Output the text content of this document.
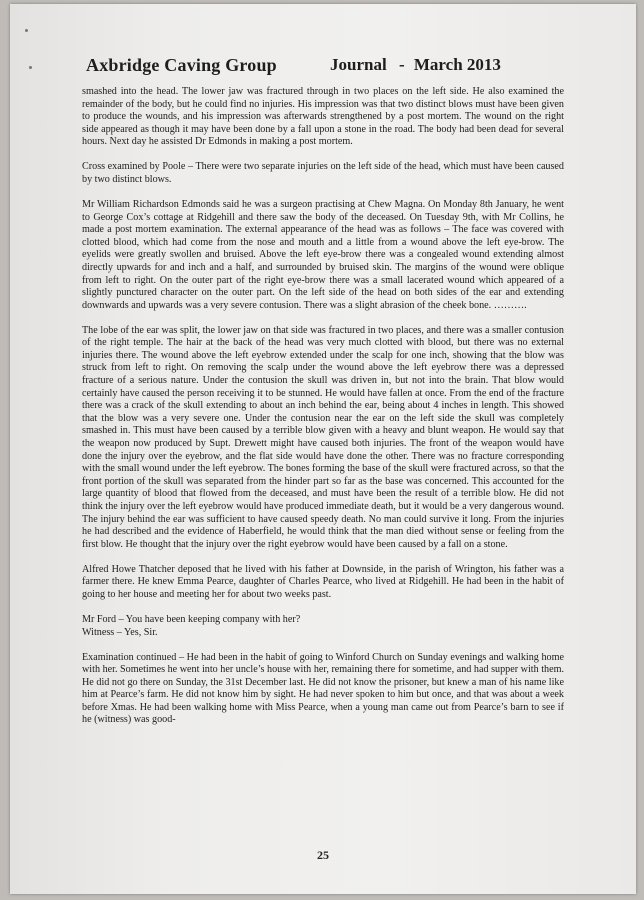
Axbridge Caving Group	Journal - March 2013

smashed into the head. The lower jaw was fractured through in two places on the left side. He also examined the remainder of the body, but he could find no injuries. His impression was that two distinct blows must have been given to produce the wounds, and his impression was afterwards strengthened by a post mortem. The wound on the right side appeared as though it may have been done by a fall upon a stone in the road. The body had been dead for several hours. Next day he assisted Dr Edmonds in making a post mortem.

Cross examined by Poole – There were two separate injuries on the left side of the head, which must have been caused by two distinct blows.

Mr William Richardson Edmonds said he was a surgeon practising at Chew Magna. On Monday 8th January, he went to George Cox’s cottage at Ridgehill and there saw the body of the deceased. On Tuesday 9th, with Mr Collins, he made a post mortem examination. The external appearance of the head was as follows – The face was covered with clotted blood, which had come from the nose and mouth and a little from a wound above the left eye-brow. The eyelids were greatly swollen and bruised. Above the left eye-brow there was a congealed wound extending almost directly upwards for and inch and a half, and surrounded by bruised skin. The margins of the wound were oblique from left to right. On the outer part of the right eye-brow there was a small lacerated wound which appeared of a slightly punctured character on the outer part. On the left side of the head on both sides of the ear and extending downwards and upwards was a very severe contusion. There was a slight abrasion of the cheek bone. ……….

The lobe of the ear was split, the lower jaw on that side was fractured in two places, and there was a smaller contusion of the right temple. The hair at the back of the head was very much clotted with blood, but there was no external injuries there. The wound above the left eyebrow extended under the scalp for one inch, showing that the blow was struck from left to right. On removing the scalp under the wound above the left eyebrow there was a depressed fracture of a serious nature. Under the contusion the skull was driven in, but not into the brain. That blow would certainly have caused the person receiving it to be stunned. He would have fallen at once. From the end of the fracture there was a crack of the skull extending to about an inch behind the ear, being about 4 inches in length. This showed that the blow was a very severe one. Under the contusion near the ear on the left side the skull was completely smashed in. This must have been caused by a terrible blow given with a heavy and blunt weapon. He would say that the weapon now produced by Supt. Drewett might have caused both injuries. The front of the weapon would have done the injury over the eyebrow, and the flat side would have done the other. There was no fracture corresponding with the small wound under the left eyebrow. The bones forming the base of the skull were fractured across, so that the front portion of the skull was separated from the hinder part so far as the base was concerned. This accounted for the large quantity of blood that flowed from the deceased, and must have been the result of a terrible blow. He did not think the injury over the left eyebrow would have produced immediate death, but it would be a very dangerous wound. The injury behind the ear was sufficient to have caused speedy death. No man could survive it long. From the injuries he had described and the evidence of Haberfield, he would think that the man died without sense or feeling from the first blow. He thought that the injury over the right eyebrow would have been caused by a fall on a stone.

Alfred Howe Thatcher deposed that he lived with his father at Downside, in the parish of Wrington, his father was a farmer there. He knew Emma Pearce, daughter of Charles Pearce, who lived at Ridgehill. He had been in the habit of going to her house and meeting her for about two weeks past.

Mr Ford – You have been keeping company with her?
Witness – Yes, Sir.

Examination continued – He had been in the habit of going to Winford Church on Sunday evenings and walking home with her. Sometimes he went into her uncle’s house with her, remaining there for sometime, and had supper with them. He did not go there on Sunday, the 31st December last. He did not know the prisoner, but knew a man of his name like him at Pearce’s farm. He did not know him by sight. He had never spoken to him but once, and that was about a week before Xmas. He had been walking home with Miss Pearce, when a young man came out from Pearce’s barn to see if he (witness) was good-

25
